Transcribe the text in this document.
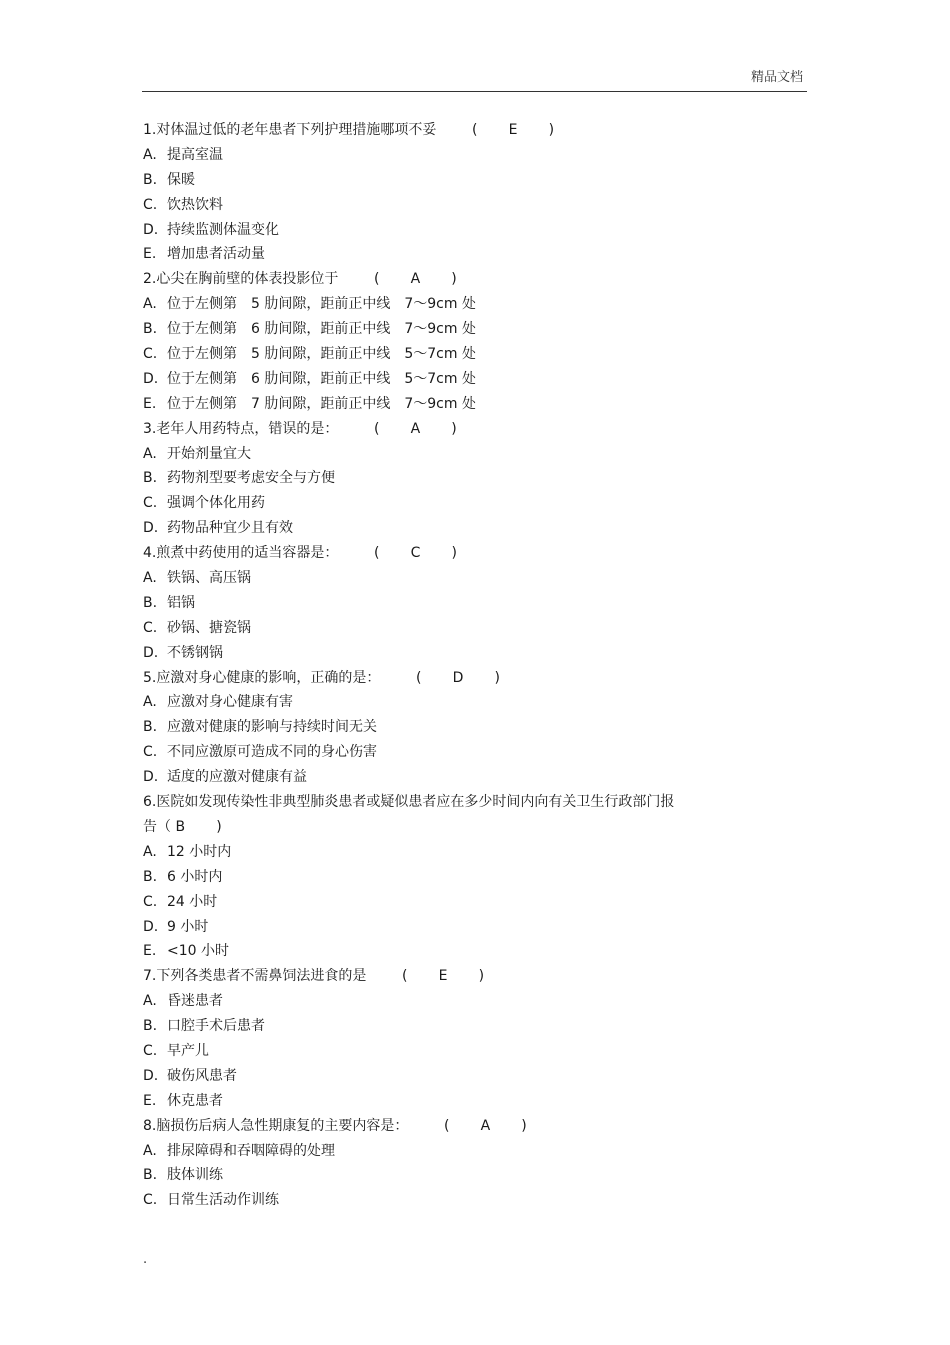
精品文档
1.对体温过低的老年患者下列护理措施哪项不妥        (       E       )
A. 提高室温
B. 保暖
C. 饮热饮料
D. 持续监测体温变化
E. 增加患者活动量
2.心尖在胸前壁的体表投影位于        (       A       )
A. 位于左侧第　5 肋间隙，距前正中线　7～9cm 处
B. 位于左侧第　6 肋间隙，距前正中线　7～9cm 处
C. 位于左侧第　5 肋间隙，距前正中线　5～7cm 处
D. 位于左侧第　6 肋间隙，距前正中线　5～7cm 处
E. 位于左侧第　7 肋间隙，距前正中线　7～9cm 处
3.老年人用药特点，错误的是：        (       A       )
A. 开始剂量宜大
B. 药物剂型要考虑安全与方便
C. 强调个体化用药
D. 药物品种宜少且有效
4.煎煮中药使用的适当容器是：        (       C       )
A. 铁锅、高压锅
B. 铝锅
C. 砂锅、搪瓷锅
D. 不锈钢锅
5.应激对身心健康的影响，正确的是：        (       D       )
A. 应激对身心健康有害
B. 应激对健康的影响与持续时间无关
C. 不同应激原可造成不同的身心伤害
D. 适度的应激对健康有益
6.医院如发现传染性非典型肺炎患者或疑似患者应在多少时间内向有关卫生行政部门报
告（ B       )
A. 12 小时内
B. 6 小时内
C. 24 小时
D. 9 小时
E. <10 小时
7.下列各类患者不需鼻饲法进食的是        (       E       )
A. 昏迷患者
B. 口腔手术后患者
C. 早产儿
D. 破伤风患者
E. 休克患者
8.脑损伤后病人急性期康复的主要内容是：        (       A       )
A. 排尿障碍和吞咽障碍的处理
B. 肢体训练
C. 日常生活动作训练
.
